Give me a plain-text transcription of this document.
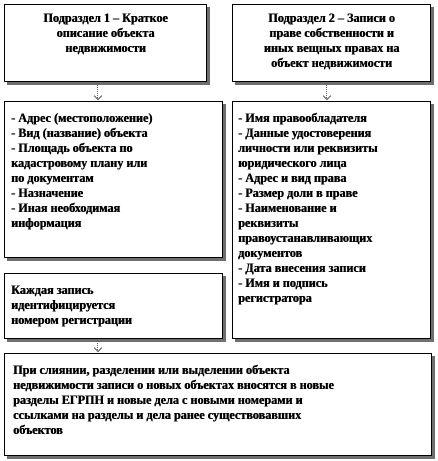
Подраздел 1 – Краткое
описание объекта
недвижимости
Подраздел 2 – Записи о
праве собственности и
иных вещных правах на
объект недвижимости
- Адрес (местоположение)
- Вид (название) объекта
- Площадь объекта по
кадастровому плану или
по документам
- Назначение
- Иная необходимая
информация
- Имя правообладателя
- Данные удостоверения
личности или реквизиты
юридического лица
- Адрес и вид права
- Размер доли в праве
- Наименование и
реквизиты
правоустанавливающих
документов
- Дата внесения записи
- Имя и подпись
регистратора
Каждая запись
идентифицируется
номером регистрации
При слиянии, разделении или выделении объекта
недвижимости записи о новых объектах вносятся в новые
разделы ЕГРПН и новые дела с новыми номерами и
ссылками на разделы и дела ранее существовавших
объектов
